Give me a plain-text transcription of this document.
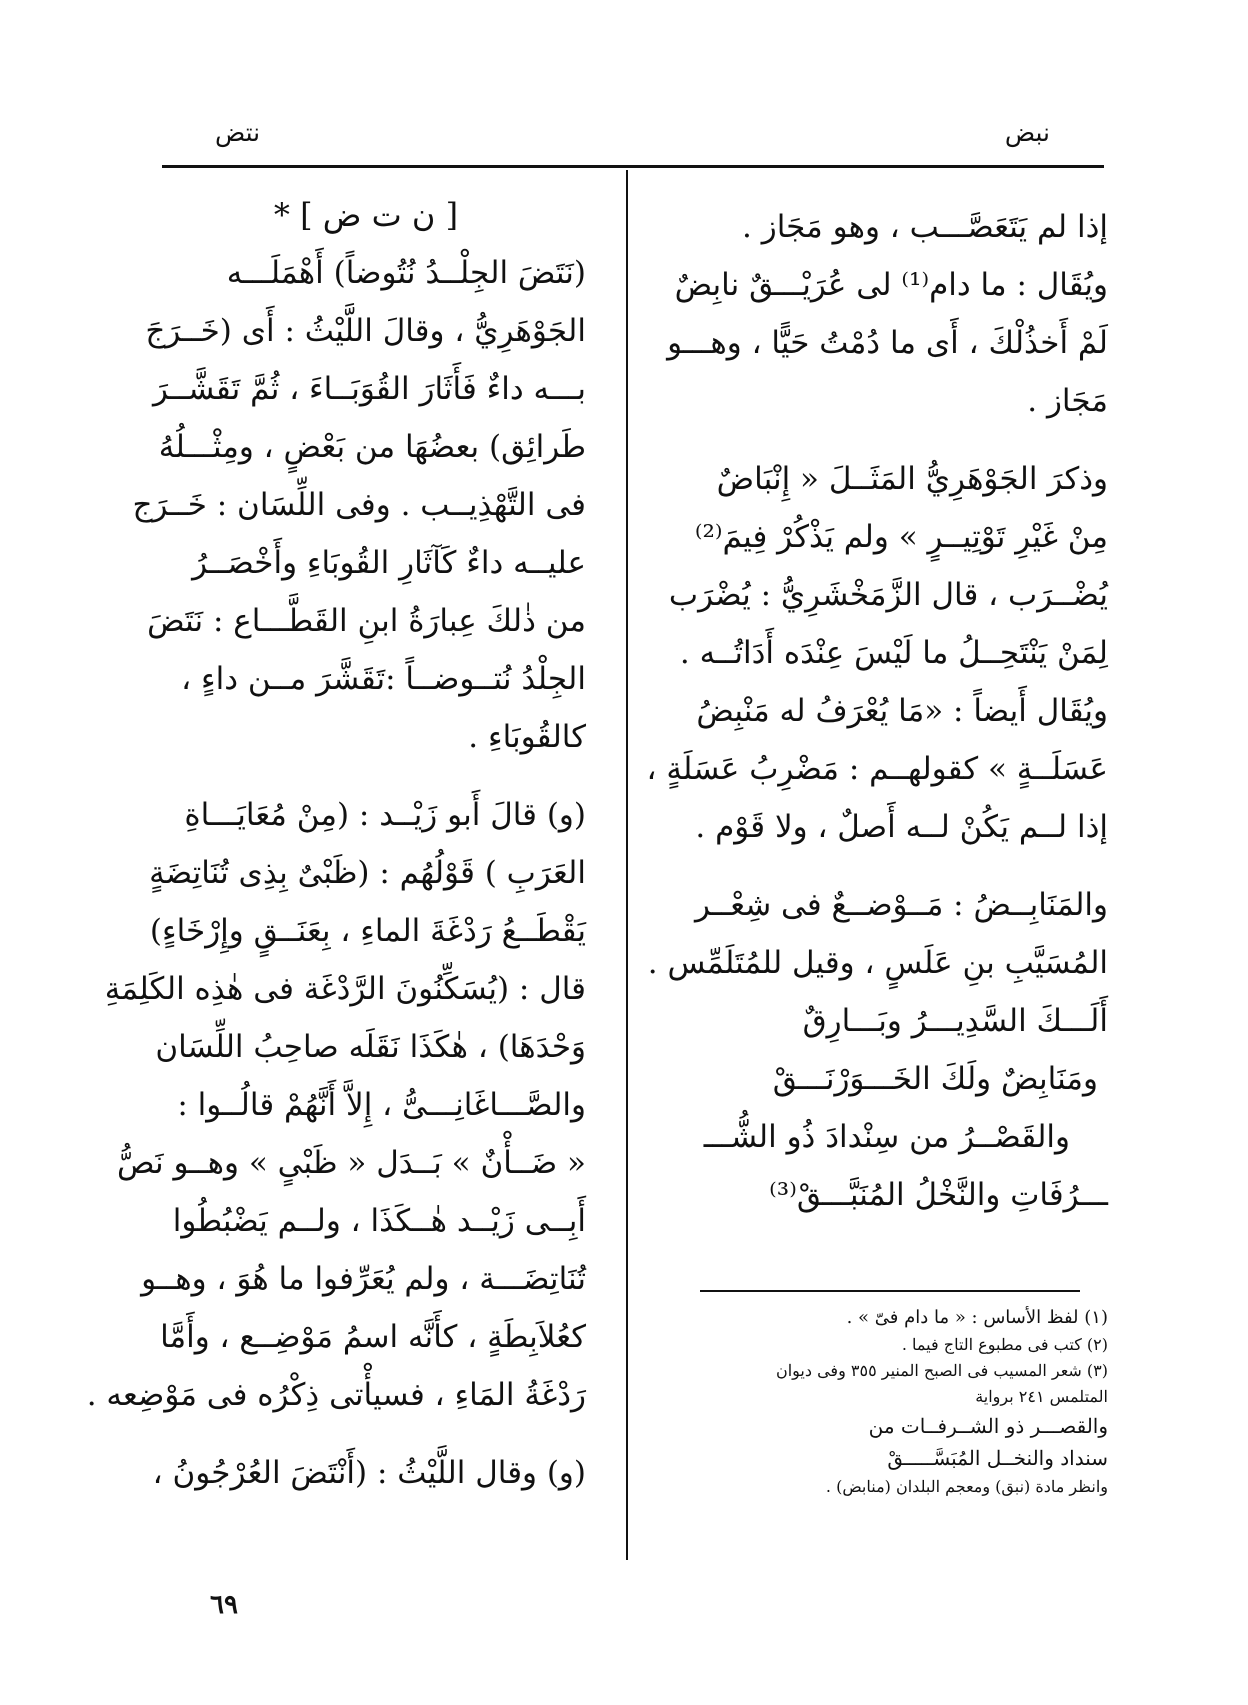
نبض
نتض
إذا لم يَتَعَصَّـــب ، وهو مَجَاز .
ويُقَال : ما دام⁽¹⁾ لى عُرَيْـــقٌ نابِضٌ
لَمْ أَخذُلْكَ ، أَى ما دُمْتُ حَيًّا ، وهـــو
مَجَاز .
وذكرَ الجَوْهَرِيُّ المَثَــلَ « إِنْبَاضٌ
مِنْ غَيْرِ تَوْتِيــرٍ » ولم يَذْكُرْ فِيمَ⁽²⁾
يُضْــرَب ، قال الزَّمَخْشَرِيُّ : يُضْرَب
لِمَنْ يَنْتَحِــلُ ما لَيْسَ عِنْدَه أَدَاتُــه .
ويُقَال أَيضاً : «مَا يُعْرَفُ له مَنْبِضُ
عَسَلَــةٍ » كقولهــم : مَضْرِبُ عَسَلَةٍ ،
إذا لــم يَكُنْ لــه أَصلٌ ، ولا قَوْم .
والمَنَابِــضُ : مَــوْضــعٌ فى شِعْــر
المُسَيَّبِ بنِ عَلَسٍ ، وقيل للمُتَلَمِّس .
أَلَـــكَ السَّدِيـــرُ وبَـــارِقٌ
ومَنَابِضٌ ولَكَ الخَـــوَرْنَـــقْ
والقَصْــرُ من سِنْدادَ ذُو الشُّـــ
ـــرُفَاتِ والنَّخْلُ المُنَبَّـــقْ⁽³⁾
(١) لفظ الأساس : « ما دام فىّ » .
(٢) كتب فى مطبوع التاج فيما .
(٣) شعر المسيب فى الصبح المنير ٣٥٥ وفى ديوان
المتلمس ٢٤١ برواية
والقصـــر ذو الشــرفــات من
سنداد والنخــل المُبَسَّـــــقْ
وانظر مادة (نبق) ومعجم البلدان (منابض) .
[ ن ت ض ] *
(نَتَضَ الجِلْــدُ نُتُوضاً) أَهْمَلَـــه
الجَوْهَرِيُّ ، وقالَ اللَّيْثُ : أَى (خَــرَجَ
بـــه داءٌ فَأَثَارَ القُوَبَــاءَ ، ثُمَّ تَقَشَّــرَ
طَرائِق) بعضُهَا من بَعْضٍ ، ومِثْـــلُهُ
فى التَّهْذِيــب . وفى اللِّسَان : خَــرَج
عليــه داءٌ كَآثَارِ القُوبَاءِ وأَخْصَــرُ
من ذٰلكَ عِبارَةُ ابنِ القَطَّـــاع : نَتَضَ
الجِلْدُ نُتــوضــاً :تَقَشَّرَ مــن داءٍ ،
كالقُوبَاءِ .
(و) قالَ أَبو زَيْــد : (مِنْ مُعَايَـــاةِ
العَرَبِ ) قَوْلُهُم : (ظَبْىٌ بِذِى تُنَاتِضَةٍ
يَقْطَــعُ رَدْغَةَ الماءِ ، بِعَنَــقٍ وإِرْخَاءٍ)
قال : (يُسَكِّنُونَ الرَّدْغَة فى هٰذِه الكَلِمَةِ
وَحْدَهَا) ، هٰكَذَا نَقَلَه صاحِبُ اللِّسَان
والصَّـــاغَانِـــىُّ ، إِلاَّ أَنَّهُمْ قالُــوا :
« ضَــأْنٌ » بَــدَل « ظَبْىٍ » وهــو نَصُّ
أَبِــى زَيْــد هٰــكَذَا ، ولــم يَضْبُطُوا
تُنَاتِضَـــة ، ولم يُعَرِّفوا ما هُوَ ، وهــو
كعُلاَبِطَةٍ ، كأَنَّه اسمُ مَوْضِــع ، وأَمَّا
رَدْغَةُ المَاءِ ، فسيأْتى ذِكْرُه فى مَوْضِعه .
(و) وقال اللَّيْثُ : (أَنْتَضَ العُرْجُونُ ،
٦٩
